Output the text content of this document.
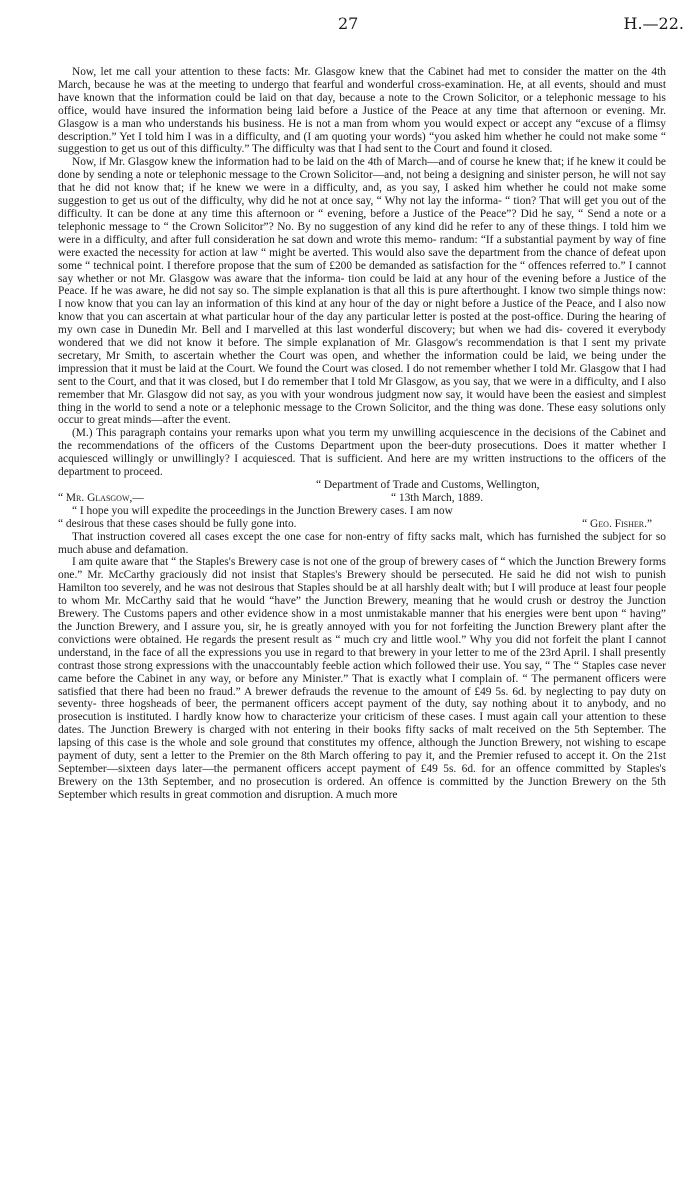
27	H.—22.

Now, let me call your attention to these facts: Mr. Glasgow knew that the Cabinet had met to consider the matter on the 4th March, because he was at the meeting to undergo that fearful and wonderful cross-examination. He, at all events, should and must have known that the information could be laid on that day, because a note to the Crown Solicitor, or a telephonic message to his office, would have insured the information being laid before a Justice of the Peace at any time that afternoon or evening. Mr. Glasgow is a man who understands his business. He is not a man from whom you would expect or accept any “excuse of a flimsy description.” Yet I told him I was in a difficulty, and (I am quoting your words) “you asked him whether he could not make some “ suggestion to get us out of this difficulty.” The difficulty was that I had sent to the Court and found it closed.

Now, if Mr. Glasgow knew the information had to be laid on the 4th of March—and of course he knew that; if he knew it could be done by sending a note or telephonic message to the Crown Solicitor—and, not being a designing and sinister person, he will not say that he did not know that; if he knew we were in a difficulty, and, as you say, I asked him whether he could not make some suggestion to get us out of the difficulty, why did he not at once say, “ Why not lay the informa- “ tion? That will get you out of the difficulty. It can be done at any time this afternoon or “ evening, before a Justice of the Peace”? Did he say, “ Send a note or a telephonic message to “ the Crown Solicitor”? No. By no suggestion of any kind did he refer to any of these things. I told him we were in a difficulty, and after full consideration he sat down and wrote this memo- randum: “If a substantial payment by way of fine were exacted the necessity for action at law “ might be averted. This would also save the department from the chance of defeat upon some “ technical point. I therefore propose that the sum of £200 be demanded as satisfaction for the “ offences referred to.” I cannot say whether or not Mr. Glasgow was aware that the informa- tion could be laid at any hour of the evening before a Justice of the Peace. If he was aware, he did not say so. The simple explanation is that all this is pure afterthought. I know two simple things now: I now know that you can lay an information of this kind at any hour of the day or night before a Justice of the Peace, and I also now know that you can ascertain at what particular hour of the day any particular letter is posted at the post-office. During the hearing of my own case in Dunedin Mr. Bell and I marvelled at this last wonderful discovery; but when we had dis- covered it everybody wondered that we did not know it before. The simple explanation of Mr. Glasgow's recommendation is that I sent my private secretary, Mr Smith, to ascertain whether the Court was open, and whether the information could be laid, we being under the impression that it must be laid at the Court. We found the Court was closed. I do not remember whether I told Mr. Glasgow that I had sent to the Court, and that it was closed, but I do remember that I told Mr Glasgow, as you say, that we were in a difficulty, and I also remember that Mr. Glasgow did not say, as you with your wondrous judgment now say, it would have been the easiest and simplest thing in the world to send a note or a telephonic message to the Crown Solicitor, and the thing was done. These easy solutions only occur to great minds—after the event.

(M.) This paragraph contains your remarks upon what you term my unwilling acquiescence in the decisions of the Cabinet and the recommendations of the officers of the Customs Department upon the beer-duty prosecutions. Does it matter whether I acquiesced willingly or unwillingly? I acquiesced. That is sufficient. And here are my written instructions to the officers of the department to proceed.

“ Department of Trade and Customs, Wellington,
“ Mr. Glasgow,—	“ 13th March, 1889.

“ I hope you will expedite the proceedings in the Junction Brewery cases. I am now

“ desirous that these cases should be fully gone into.	“ Geo. Fisher.”

That instruction covered all cases except the one case for non-entry of fifty sacks malt, which has furnished the subject for so much abuse and defamation.

I am quite aware that “ the Staples's Brewery case is not one of the group of brewery cases of “ which the Junction Brewery forms one.” Mr. McCarthy graciously did not insist that Staples's Brewery should be persecuted. He said he did not wish to punish Hamilton too severely, and he was not desirous that Staples should be at all harshly dealt with; but I will produce at least four people to whom Mr. McCarthy said that he would “have” the Junction Brewery, meaning that he would crush or destroy the Junction Brewery. The Customs papers and other evidence show in a most unmistakable manner that his energies were bent upon “ having” the Junction Brewery, and I assure you, sir, he is greatly annoyed with you for not forfeiting the Junction Brewery plant after the convictions were obtained. He regards the present result as “ much cry and little wool.” Why you did not forfeit the plant I cannot understand, in the face of all the expressions you use in regard to that brewery in your letter to me of the 23rd April. I shall presently contrast those strong expressions with the unaccountably feeble action which followed their use. You say, “ The “ Staples case never came before the Cabinet in any way, or before any Minister.” That is exactly what I complain of. “ The permanent officers were satisfied that there had been no fraud.” A brewer defrauds the revenue to the amount of £49 5s. 6d. by neglecting to pay duty on seventy- three hogsheads of beer, the permanent officers accept payment of the duty, say nothing about it to anybody, and no prosecution is instituted. I hardly know how to characterize your criticism of these cases. I must again call your attention to these dates. The Junction Brewery is charged with not entering in their books fifty sacks of malt received on the 5th September. The lapsing of this case is the whole and sole ground that constitutes my offence, although the Junction Brewery, not wishing to escape payment of duty, sent a letter to the Premier on the 8th March offering to pay it, and the Premier refused to accept it. On the 21st September—sixteen days later—the permanent officers accept payment of £49 5s. 6d. for an offence committed by Staples's Brewery on the 13th September, and no prosecution is ordered. An offence is committed by the Junction Brewery on the 5th September which results in great commotion and disruption. A much more
